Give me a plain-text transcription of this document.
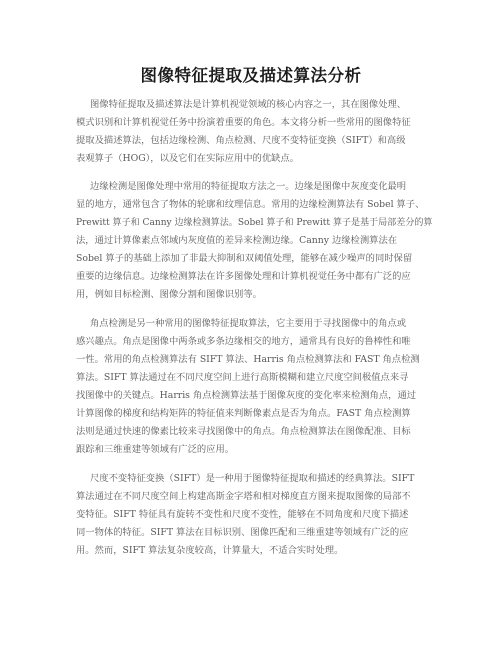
图像特征提取及描述算法分析
图像特征提取及描述算法是计算机视觉领域的核心内容之一，其在图像处理、
模式识别和计算机视觉任务中扮演着重要的角色。本文将分析一些常用的图像特征
提取及描述算法，包括边缘检测、角点检测、尺度不变特征变换（SIFT）和高级
表观算子（HOG），以及它们在实际应用中的优缺点。
边缘检测是图像处理中常用的特征提取方法之一。边缘是图像中灰度变化最明
显的地方，通常包含了物体的轮廓和纹理信息。常用的边缘检测算法有 Sobel 算子、
Prewitt 算子和 Canny 边缘检测算法。Sobel 算子和 Prewitt 算子是基于局部差分的算
法，通过计算像素点邻域内灰度值的差异来检测边缘。Canny 边缘检测算法在
Sobel 算子的基础上添加了非最大抑制和双阈值处理，能够在减少噪声的同时保留
重要的边缘信息。边缘检测算法在许多图像处理和计算机视觉任务中都有广泛的应
用，例如目标检测、图像分割和图像识别等。
角点检测是另一种常用的图像特征提取算法，它主要用于寻找图像中的角点或
感兴趣点。角点是图像中两条或多条边缘相交的地方，通常具有良好的鲁棒性和唯
一性。常用的角点检测算法有 SIFT 算法、Harris 角点检测算法和 FAST 角点检测
算法。SIFT 算法通过在不同尺度空间上进行高斯模糊和建立尺度空间极值点来寻
找图像中的关键点。Harris 角点检测算法基于图像灰度的变化率来检测角点，通过
计算图像的梯度和结构矩阵的特征值来判断像素点是否为角点。FAST 角点检测算
法则是通过快速的像素比较来寻找图像中的角点。角点检测算法在图像配准、目标
跟踪和三维重建等领域有广泛的应用。
尺度不变特征变换（SIFT）是一种用于图像特征提取和描述的经典算法。SIFT
算法通过在不同尺度空间上构建高斯金字塔和相对梯度直方图来提取图像的局部不
变特征。SIFT 特征具有旋转不变性和尺度不变性，能够在不同角度和尺度下描述
同一物体的特征。SIFT 算法在目标识别、图像匹配和三维重建等领域有广泛的应
用。然而，SIFT 算法复杂度较高，计算量大，不适合实时处理。
